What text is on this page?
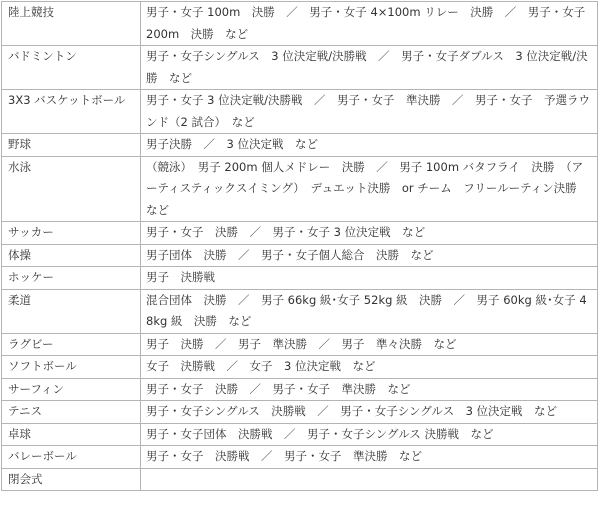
陸上競技	男子・女子 100m　決勝　／　男子・女子 4×100m リレー　決勝　／　男子・女子 200m　決勝　など
バドミントン	男子・女子シングルス　3 位決定戦/決勝戦　／　男子・女子ダブルス　3 位決定戦/決勝　など
3X3 バスケットボール	男子・女子 3 位決定戦/決勝戦　／　男子・女子　準決勝　／　男子・女子　予選ラウンド（2 試合）　など
野球	男子決勝　／　3 位決定戦　など
水泳	（競泳）　男子 200m 個人メドレー　決勝　／　男子 100m バタフライ　決勝　（アーティスティックスイミング）　デュエット決勝　or チーム　フリールーティン決勝　など
サッカー	男子・女子　決勝　／　男子・女子 3 位決定戦　など
体操	男子団体　決勝　／　男子・女子個人総合　決勝　など
ホッケー	男子　決勝戦
柔道	混合団体　決勝　／　男子 66kg 級･女子 52kg 級　決勝　／　男子 60kg 級･女子 48kg 級　決勝　など
ラグビー	男子　決勝　／　男子　準決勝　／　男子　準々決勝　など
ソフトボール	女子　決勝戦　／　女子　3 位決定戦　など
サーフィン	男子・女子　決勝　／　男子・女子　準決勝　など
テニス	男子・女子シングルス　決勝戦　／　男子・女子シングルス　3 位決定戦　など
卓球	男子・女子団体　決勝戦　／　男子・女子シングルス 決勝戦　など
バレーボール	男子・女子　決勝戦　／　男子・女子　準決勝　など
閉会式	
